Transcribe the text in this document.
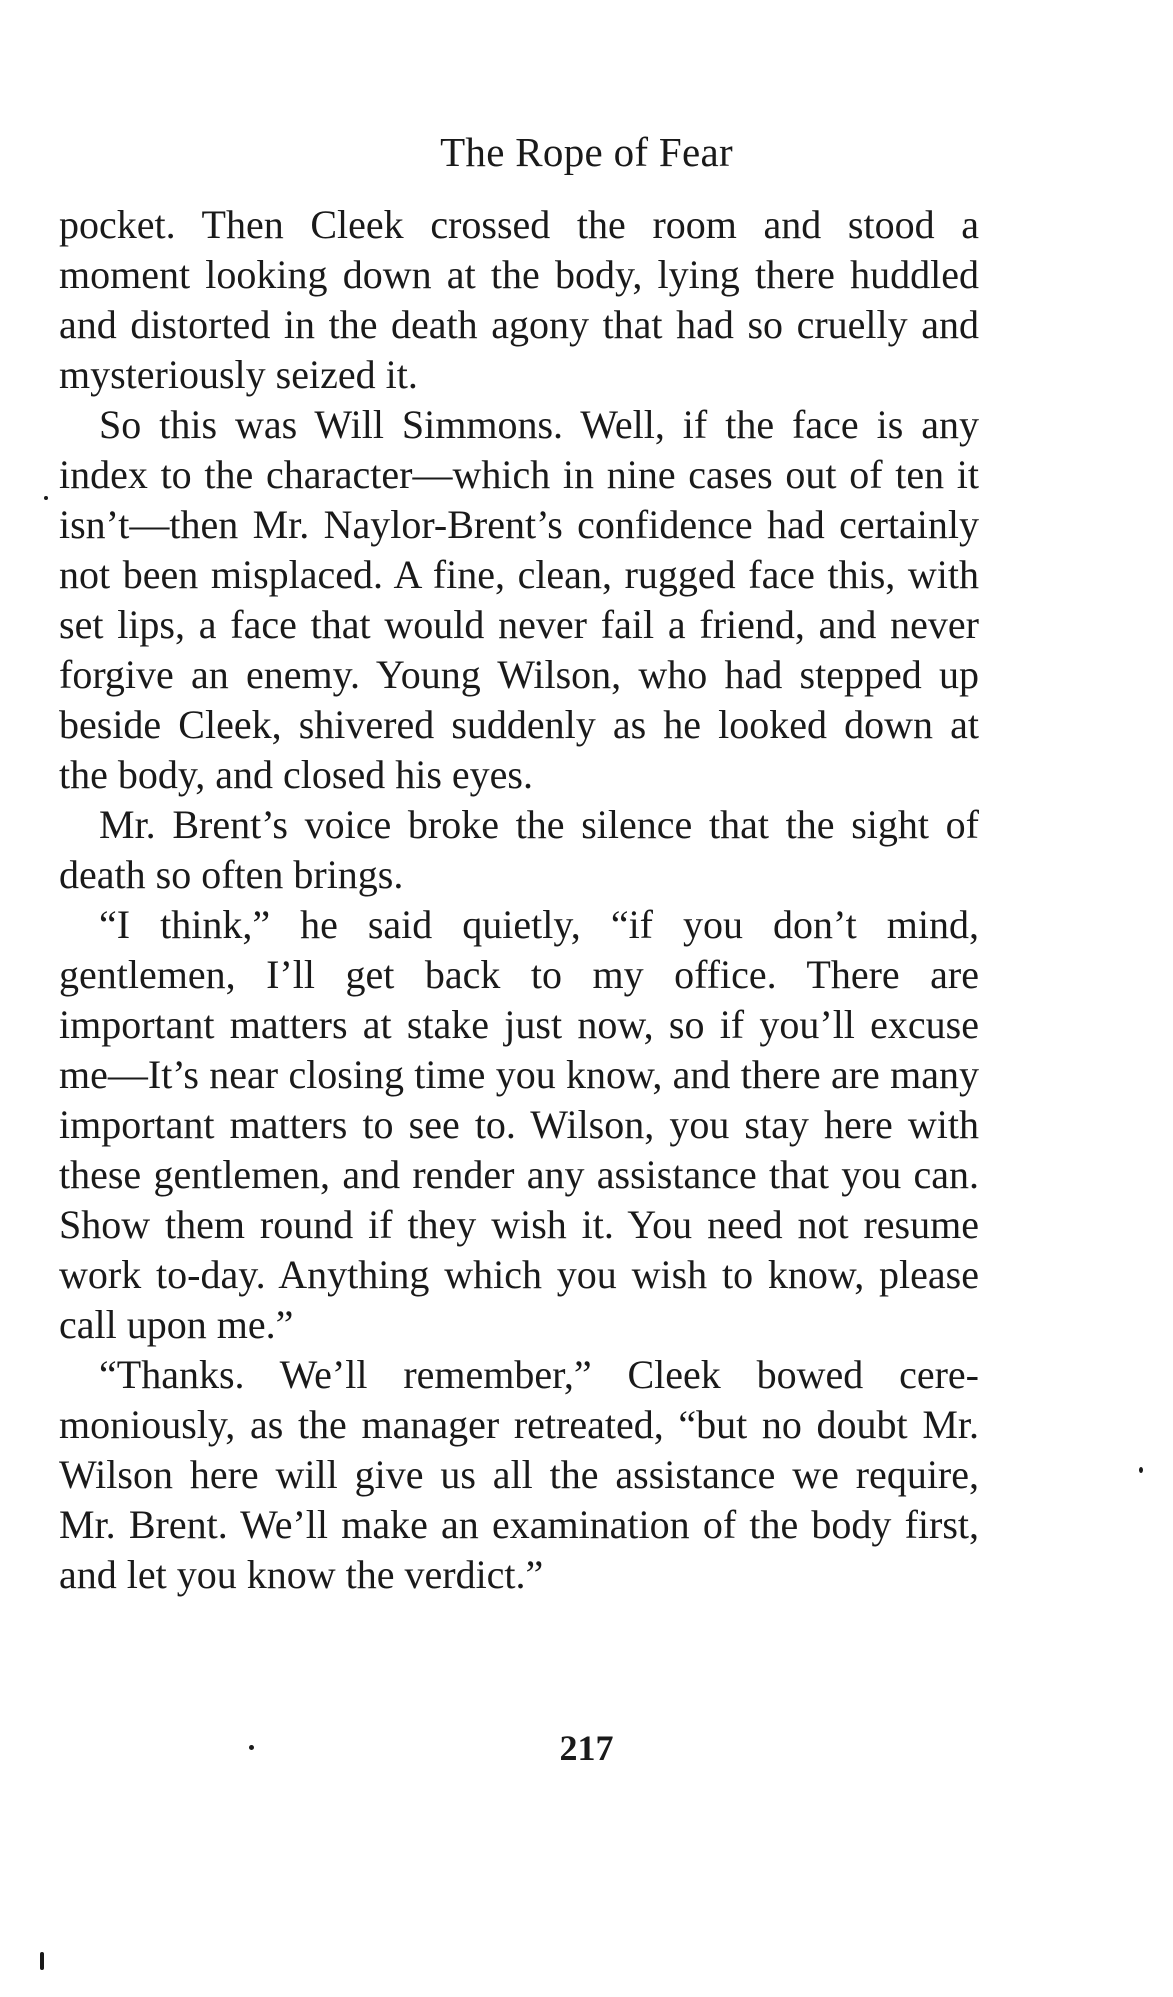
The Rope of Fear

pocket. Then Cleek crossed the room and stood a moment looking down at the body, lying there huddled and distorted in the death agony that had so cruelly and mysteriously seized it.

So this was Will Simmons. Well, if the face is any index to the character—which in nine cases out of ten it isn’t—then Mr. Naylor-Brent’s confidence had certainly not been misplaced. A fine, clean, rugged face this, with set lips, a face that would never fail a friend, and never forgive an enemy. Young Wilson, who had stepped up beside Cleek, shivered suddenly as he looked down at the body, and closed his eyes.

Mr. Brent’s voice broke the silence that the sight of death so often brings.

“I think,” he said quietly, “if you don’t mind, gentlemen, I’ll get back to my office. There are important matters at stake just now, so if you’ll excuse me—It’s near closing time you know, and there are many important matters to see to. Wilson, you stay here with these gentlemen, and render any assistance that you can. Show them round if they wish it. You need not resume work to-day. Anything which you wish to know, please call upon me.”

“Thanks. We’ll remember,” Cleek bowed ceremoniously, as the manager retreated, “but no doubt Mr. Wilson here will give us all the assistance we require, Mr. Brent. We’ll make an examination of the body first, and let you know the verdict.”

217
